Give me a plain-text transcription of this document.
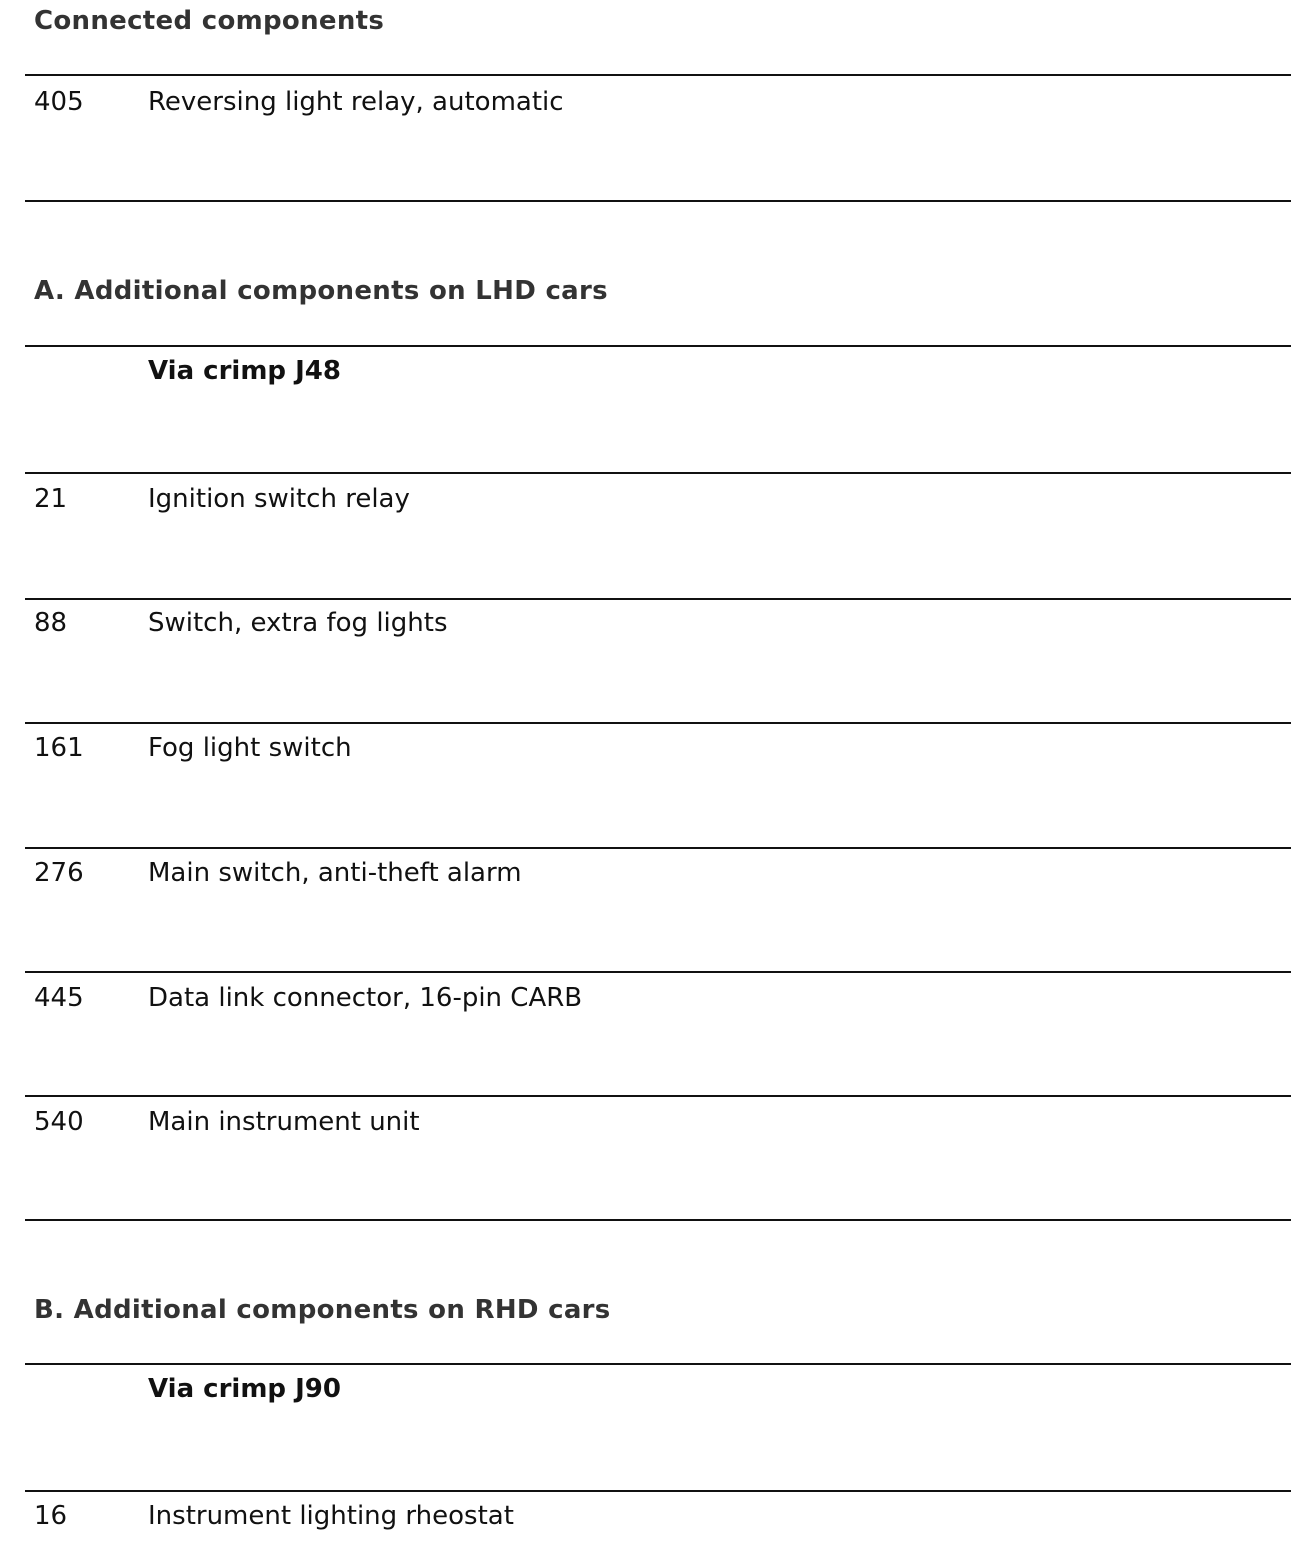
Connected components
405 Reversing light relay, automatic
A. Additional components on LHD cars
Via crimp J48
21	Ignition switch relay
88	Switch, extra fog lights
161 Fog light switch
276 Main switch, anti-theft alarm
445 Data link connector, 16-pin CARB
540 Main instrument unit
B. Additional components on RHD cars
Via crimp J90
16	Instrument lighting rheostat
